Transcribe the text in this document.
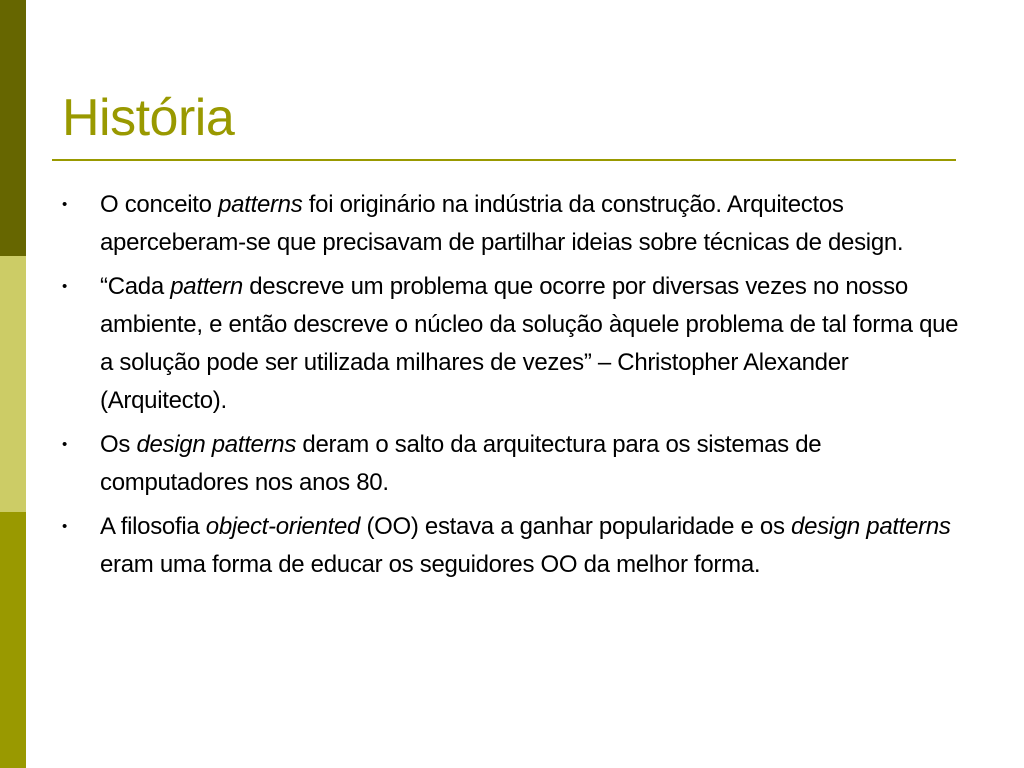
História
• O conceito patterns foi originário na indústria da construção. Arquitectos aperceberam-se que precisavam de partilhar ideias sobre técnicas de design.
• “Cada pattern descreve um problema que ocorre por diversas vezes no nosso ambiente, e então descreve o núcleo da solução àquele problema de tal forma que a solução pode ser utilizada milhares de vezes” – Christopher Alexander (Arquitecto).
• Os design patterns deram o salto da arquitectura para os sistemas de computadores nos anos 80.
• A filosofia object-oriented (OO) estava a ganhar popularidade e os design patterns eram uma forma de educar os seguidores OO da melhor forma.
